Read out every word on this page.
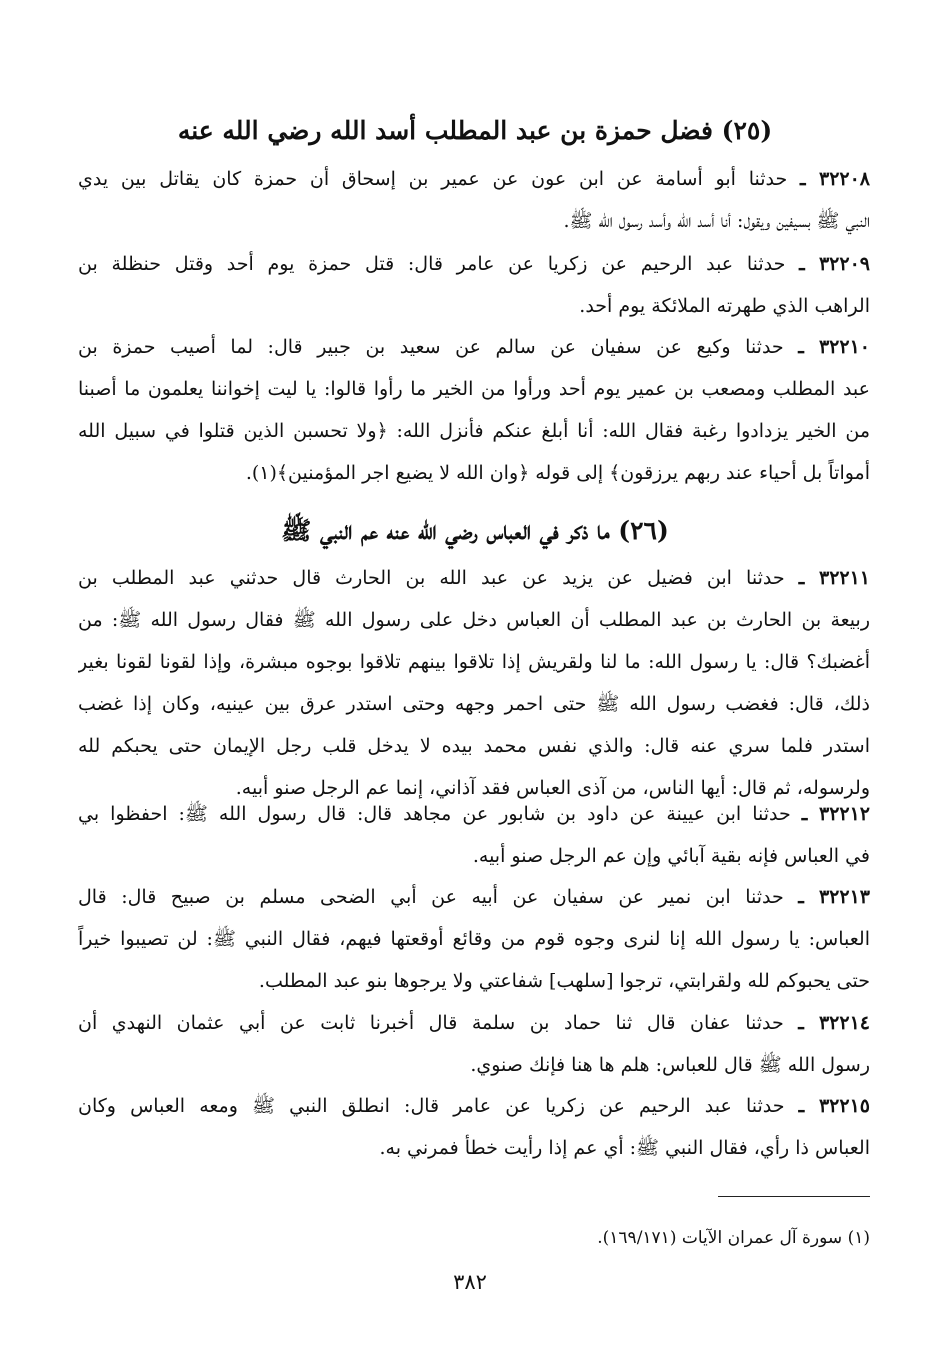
(٢٥) فضل حمزة بن عبد المطلب أسد الله رضي الله عنه
٣٢٢٠٨ ـ حدثنا أبو أسامة عن ابن عون عن عمير بن إسحاق أن حمزة كان يقاتل بين يدي
النبي ﷺ بسيفين ويقول: أنا أسد الله وأسد رسول الله ﷺ.
٣٢٢٠٩ ـ حدثنا عبد الرحيم عن زكريا عن عامر قال: قتل حمزة يوم أحد وقتل حنظلة بن
الراهب الذي طهرته الملائكة يوم أحد.
٣٢٢١٠ ـ حدثنا وكيع عن سفيان عن سالم عن سعيد بن جبير قال: لما أصيب حمزة بن
عبد المطلب ومصعب بن عمير يوم أحد ورأوا من الخير ما رأوا قالوا: يا ليت إخواننا يعلمون ما أصبنا
من الخير يزدادوا رغبة فقال الله: أنا أبلغ عنكم فأنزل الله: ﴿ولا تحسبن الذين قتلوا في سبيل الله
أمواتاً بل أحياء عند ربهم يرزقون﴾ إلى قوله ﴿وان الله لا يضيع اجر المؤمنين﴾(١).
(٢٦) ما ذكر في العباس رضي الله عنه عم النبي ﷺ
٣٢٢١١ ـ حدثنا ابن فضيل عن يزيد عن عبد الله بن الحارث قال حدثني عبد المطلب بن
ربيعة بن الحارث بن عبد المطلب أن العباس دخل على رسول الله ﷺ فقال رسول الله ﷺ: من
أغضبك؟ قال: يا رسول الله: ما لنا ولقريش إذا تلاقوا بينهم تلاقوا بوجوه مبشرة، وإذا لقونا لقونا بغير
ذلك، قال: فغضب رسول الله ﷺ حتى احمر وجهه وحتى استدر عرق بين عينيه، وكان إذا غضب
استدر فلما سري عنه قال: والذي نفس محمد بيده لا يدخل قلب رجل الإيمان حتى يحبكم لله
ولرسوله، ثم قال: أيها الناس، من آذى العباس فقد آذاني، إنما عم الرجل صنو أبيه.
٣٢٢١٢ ـ حدثنا ابن عيينة عن داود بن شابور عن مجاهد قال: قال رسول الله ﷺ: احفظوا بي
في العباس فإنه بقية آبائي وإن عم الرجل صنو أبيه.
٣٢٢١٣ ـ حدثنا ابن نمير عن سفيان عن أبيه عن أبي الضحى مسلم بن صبيح قال: قال
العباس: يا رسول الله إنا لنرى وجوه قوم من وقائع أوقعتها فيهم، فقال النبي ﷺ: لن تصيبوا خيراً
حتى يحبوكم لله ولقرابتي، ترجوا [سلهب] شفاعتي ولا يرجوها بنو عبد المطلب.
٣٢٢١٤ ـ حدثنا عفان قال ثنا حماد بن سلمة قال أخبرنا ثابت عن أبي عثمان النهدي أن
رسول الله ﷺ قال للعباس: هلم ها هنا فإنك صنوي.
٣٢٢١٥ ـ حدثنا عبد الرحيم عن زكريا عن عامر قال: انطلق النبي ﷺ ومعه العباس وكان
العباس ذا رأي، فقال النبي ﷺ: أي عم إذا رأيت خطأ فمرني به.
(١) سورة آل عمران الآيات (١٦٩/١٧١).
٣٨٢
